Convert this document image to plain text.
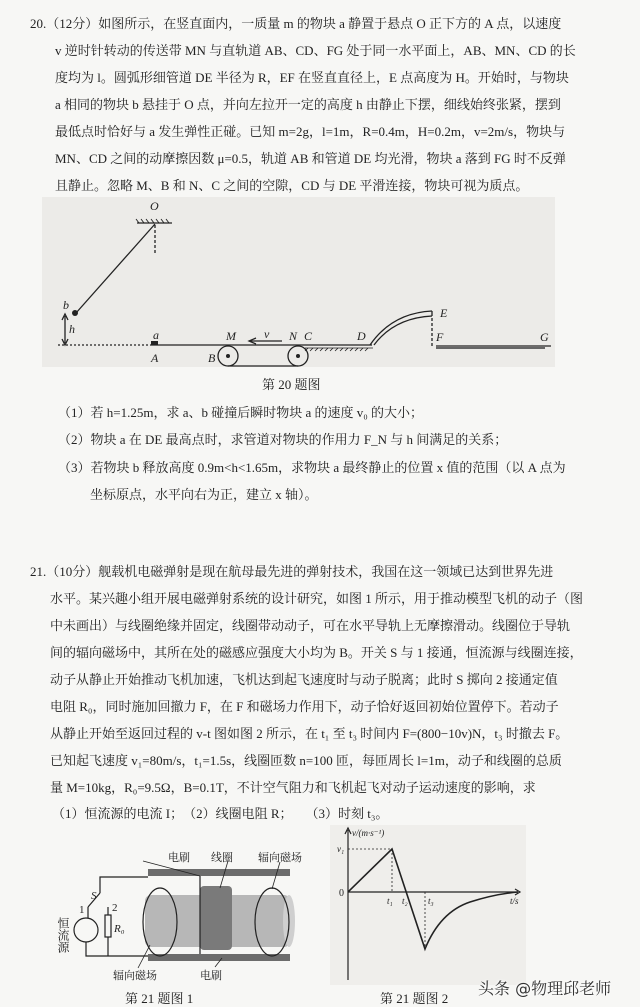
20.（12分）如图所示，在竖直面内，一质量 m 的物块 a 静置于悬点 O 正下方的 A 点，以速度
v 逆时针转动的传送带 MN 与直轨道 AB、CD、FG 处于同一水平面上，AB、MN、CD 的长
度均为 l。圆弧形细管道 DE 半径为 R，EF 在竖直直径上，E 点高度为 H。开始时，与物块
a 相同的物块 b 悬挂于 O 点，并向左拉开一定的高度 h 由静止下摆，细线始终张紧，摆到
最低点时恰好与 a 发生弹性正碰。已知 m=2g，l=1m，R=0.4m，H=0.2m，v=2m/s，物块与
MN、CD 之间的动摩擦因数 μ=0.5，轨道 AB 和管道 DE 均光滑，物块 a 落到 FG 时不反弹
且静止。忽略 M、B 和 N、C 之间的空隙，CD 与 DE 平滑连接，物块可视为质点。
O
b
h	a
A	B
M v N C	D
E
F	G
第 20 题图
（1）若 h=1.25m，求 a、b 碰撞后瞬时物块 a 的速度 v₀ 的大小；
（2）物块 a 在 DE 最高点时，求管道对物块的作用力 F_N 与 h 间满足的关系；
（3）若物块 b 释放高度 0.9m<h<1.65m，求物块 a 最终静止的位置 x 值的范围（以 A 点为
坐标原点，水平向右为正，建立 x 轴）。
21.（10分）舰载机电磁弹射是现在航母最先进的弹射技术，我国在这一领域已达到世界先进
水平。某兴趣小组开展电磁弹射系统的设计研究，如图 1 所示，用于推动模型飞机的动子（图
中未画出）与线圈绝缘并固定，线圈带动动子，可在水平导轨上无摩擦滑动。线圈位于导轨
间的辐向磁场中，其所在处的磁感应强度大小均为 B。开关 S 与 1 接通，恒流源与线圈连接，
动子从静止开始推动飞机加速，飞机达到起飞速度时与动子脱离；此时 S 掷向 2 接通定值
电阻 R₀，同时施加回撤力 F，在 F 和磁场力作用下，动子恰好返回初始位置停下。若动子
从静止开始至返回过程的 v-t 图如图 2 所示，在 t₁ 至 t₃ 时间内 F=(800−10v)N，t₃ 时撤去 F。
已知起飞速度 v₁=80m/s，t₁=1.5s，线圈匝数 n=100 匝，每匝周长 l=1m，动子和线圈的总质
量 M=10kg，R₀=9.5Ω，B=0.1T，不计空气阻力和飞机起飞对动子运动速度的影响，求
（1）恒流源的电流 I；　（2）线圈电阻 R；　　（3）时刻 t₃。
电刷 线圈 辐向磁场
辐向磁场	电刷
恒流源
S
1	2
R₀
第 21 题图 1
v/(m·s⁻¹)
v₁
0
t₁ t₂ t₃	t/s
第 21 题图 2
头条 @物理邱老师
